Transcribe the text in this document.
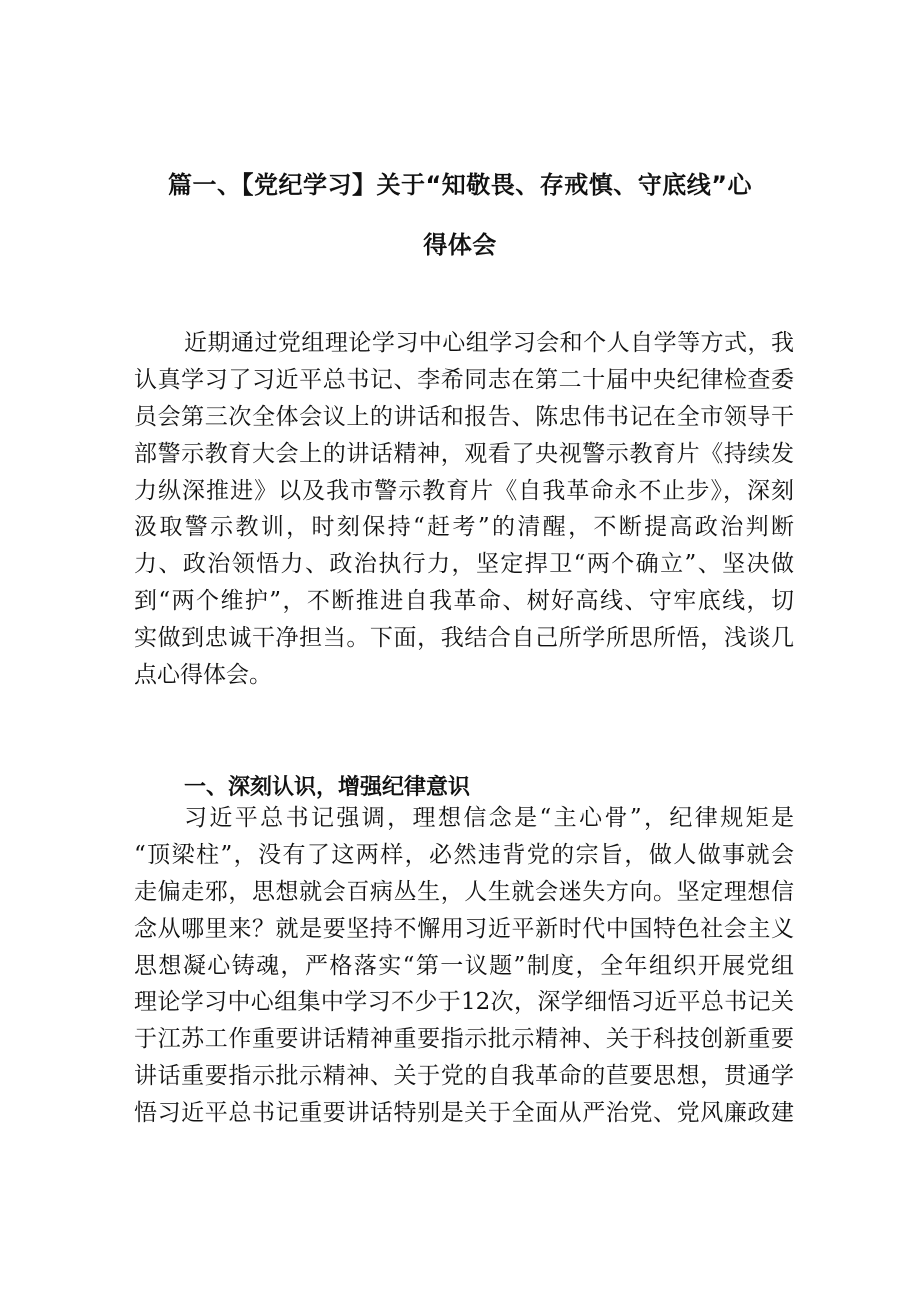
篇一、【党纪学习】关于“知敬畏、存戒慎、守底线”心
得体会
近期通过党组理论学习中心组学习会和个人自学等方式，我
认真学习了习近平总书记、李希同志在第二十届中央纪律检查委
员会第三次全体会议上的讲话和报告、陈忠伟书记在全市领导干
部警示教育大会上的讲话精神，观看了央视警示教育片《持续发
力纵深推进》以及我市警示教育片《自我革命永不止步》，深刻
汲取警示教训，时刻保持“赶考”的清醒，不断提高政治判断
力、政治领悟力、政治执行力，坚定捍卫“两个确立”、坚决做
到“两个维护”，不断推进自我革命、树好高线、守牢底线，切
实做到忠诚干净担当。下面，我结合自己所学所思所悟，浅谈几
点心得体会。
一、深刻认识，增强纪律意识
习近平总书记强调，理想信念是“主心骨”，纪律规矩是
“顶梁柱”，没有了这两样，必然违背党的宗旨，做人做事就会
走偏走邪，思想就会百病丛生，人生就会迷失方向。坚定理想信
念从哪里来？就是要坚持不懈用习近平新时代中国特色社会主义
思想凝心铸魂，严格落实“第一议题”制度，全年组织开展党组
理论学习中心组集中学习不少于12次，深学细悟习近平总书记关
于江苏工作重要讲话精神重要指示批示精神、关于科技创新重要
讲话重要指示批示精神、关于党的自我革命的苣要思想，贯通学
悟习近平总书记重要讲话特别是关于全面从严治党、党风廉政建
